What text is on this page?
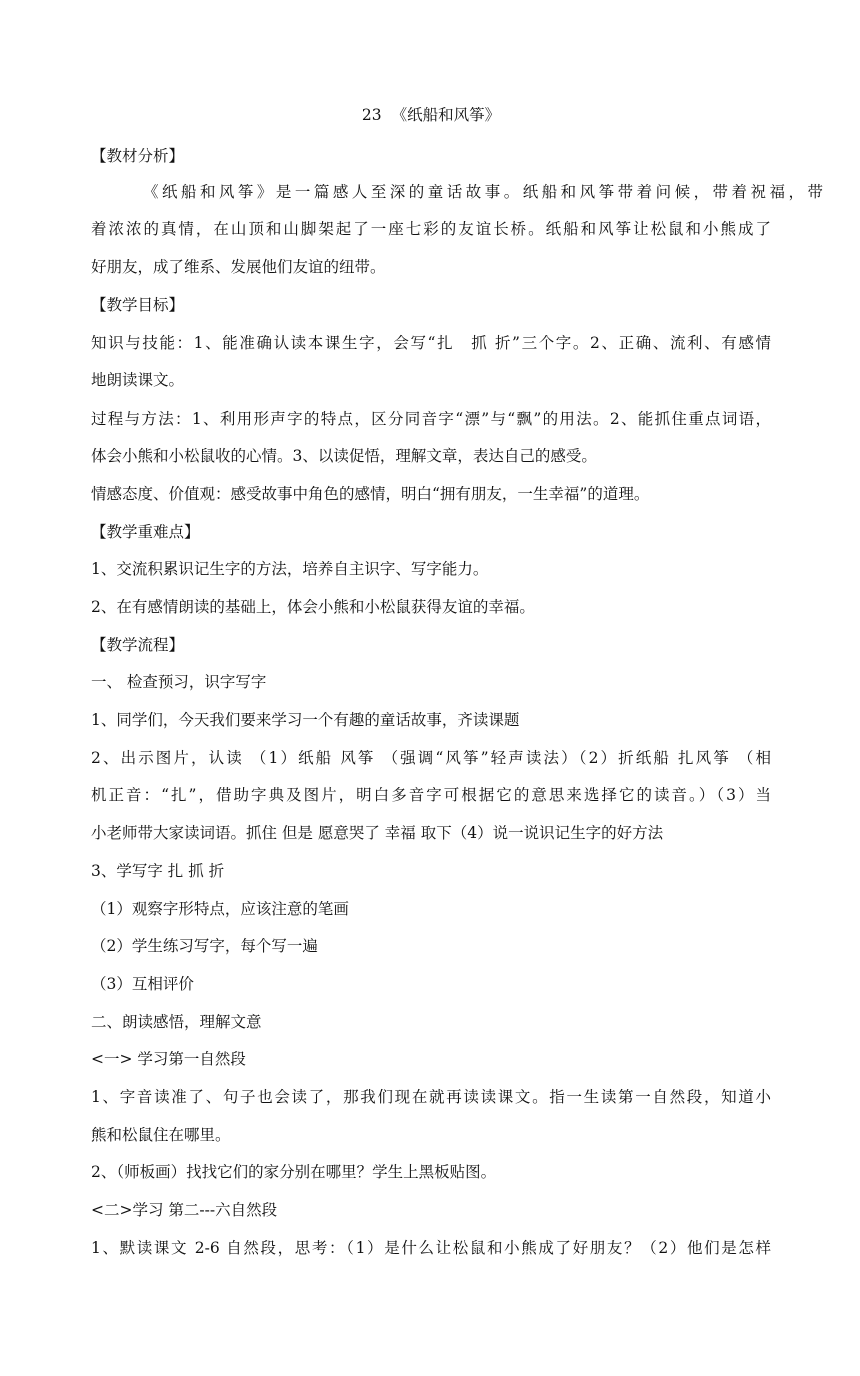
23 《纸船和风筝》
【教材分析】
《纸船和风筝》是一篇感人至深的童话故事。纸船和风筝带着问候，带着祝福，带
着浓浓的真情，在山顶和山脚架起了一座七彩的友谊长桥。纸船和风筝让松鼠和小熊成了
好朋友，成了维系、发展他们友谊的纽带。
【教学目标】
知识与技能：1、能准确认读本课生字，会写“扎　抓 折”三个字。2、正确、流利、有感情
地朗读课文。
过程与方法：1、利用形声字的特点，区分同音字“漂”与“飘”的用法。2、能抓住重点词语，
体会小熊和小松鼠收的心情。3、以读促悟，理解文章，表达自己的感受。
情感态度、价值观：感受故事中角色的感情，明白“拥有朋友，一生幸福”的道理。
【教学重难点】
1、交流积累识记生字的方法，培养自主识字、写字能力。
2、在有感情朗读的基础上，体会小熊和小松鼠获得友谊的幸福。
【教学流程】
一、 检查预习，识字写字
1、同学们，今天我们要来学习一个有趣的童话故事，齐读课题
2、出示图片，认读 （1）纸船 风筝 （强调“风筝”轻声读法）（2）折纸船 扎风筝 （相
机正音：“扎”，借助字典及图片，明白多音字可根据它的意思来选择它的读音。）（3）当
小老师带大家读词语。抓住 但是 愿意哭了 幸福 取下（4）说一说识记生字的好方法
3、学写字 扎 抓 折
（1）观察字形特点，应该注意的笔画
（2）学生练习写字，每个写一遍
（3）互相评价
二、朗读感悟，理解文意
<一> 学习第一自然段
1、字音读准了、句子也会读了，那我们现在就再读读课文。指一生读第一自然段，知道小
熊和松鼠住在哪里。
2、（师板画）找找它们的家分别在哪里？学生上黑板贴图。
<二>学习 第二---六自然段
1、默读课文 2-6 自然段，思考：（1）是什么让松鼠和小熊成了好朋友？（2）他们是怎样
